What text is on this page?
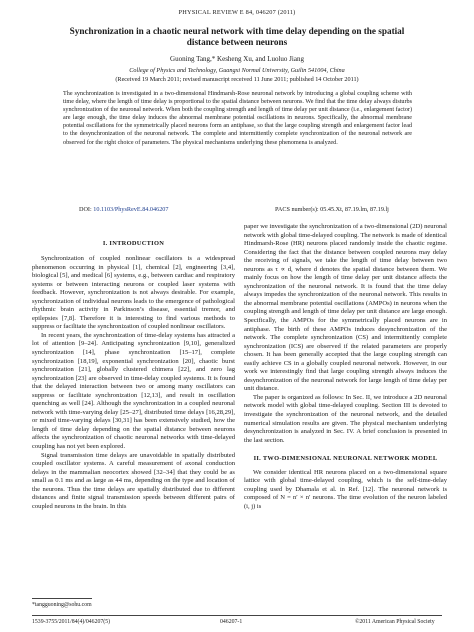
PHYSICAL REVIEW E 84, 046207 (2011)
Synchronization in a chaotic neural network with time delay depending on the spatial distance between neurons
Guoning Tang,* Kesheng Xu, and Luoluo Jiang
College of Physics and Technology, Guangxi Normal University, Guilin 541004, China
(Received 19 March 2011; revised manuscript received 11 June 2011; published 14 October 2011)

The synchronization is investigated in a two-dimensional Hindmarsh-Rose neuronal network by introducing a global coupling scheme with time delay, where the length of time delay is proportional to the spatial distance between neurons. We find that the time delay always disturbs synchronization of the neuronal network. When both the coupling strength and length of time delay per unit distance (i.e., enlargement factor) are large enough, the time delay induces the abnormal membrane potential oscillations in neurons. Specifically, the abnormal membrane potential oscillations for the symmetrically placed neurons form an antiphase, so that the large coupling strength and enlargement factor lead to the desynchronization of the neuronal network. The complete and intermittently complete synchronization of the neuronal network are observed for the right choice of parameters. The physical mechanisms underlying these phenomena is analyzed.

DOI: 10.1103/PhysRevE.84.046207	PACS number(s): 05.45.Xt, 87.19.lm, 87.19.lj
I. INTRODUCTION

Synchronization of coupled nonlinear oscillators is a widespread phenomenon occurring in physical [1], chemical [2], engineering [3,4], biological [5], and medical [6] systems, e.g., between cardiac and respiratory systems or between interacting neurons or coupled laser systems with feedback. However, synchronization is not always desirable. For example, synchronization of individual neurons leads to the emergence of pathological rhythmic brain activity in Parkinson’s disease, essential tremor, and epilepsies [7,8]. Therefore it is interesting to find various methods to suppress or facilitate the synchronization of coupled nonlinear oscillators.

In recent years, the synchronization of time-delay systems has attracted a lot of attention [9–24]. Anticipating synchronization [9,10], generalized synchronization [14], phase synchronization [15–17], complete synchronization [18,19], exponential synchronization [20], chaotic burst synchronization [21], globally clustered chimera [22], and zero lag synchronization [23] are observed in time-delay coupled systems. It is found that the delayed interaction between two or among many oscillators can suppress or facilitate synchronization [12,13], and result in oscillation quenching as well [24]. Although the synchronization in a coupled neuronal network with time-varying delay [25–27], distributed time delays [16,28,29], or mixed time-varying delays [30,31] has been extensively studied, how the length of time delay depending on the spatial distance between neurons affects the synchronization of chaotic neuronal networks with time-delayed coupling has not yet been explored.

Signal transmission time delays are unavoidable in spatially distributed coupled oscillator systems. A careful measurement of axonal conduction delays in the mammalian neocortex showed [32–34] that they could be as small as 0.1 ms and as large as 44 ms, depending on the type and location of the neurons. Thus the time delays are spatially distributed due to different distances and finite signal transmission speeds between different pairs of coupled neurons in the brain. In this

paper we investigate the synchronization of a two-dimensional (2D) neuronal network with global time-delayed coupling. The network is made of identical Hindmarsh-Rose (HR) neurons placed randomly inside the chaotic regime. Considering the fact that the distance between coupled neurons may delay the receiving of signals, we take the length of time delay between two neurons as τ ∝ d, where d denotes the spatial distance between them. We mainly focus on how the length of time delay per unit distance affects the synchronization of the neuronal network. It is found that the time delay always impedes the synchronization of the neuronal network. This results in the abnormal membrane potential oscillations (AMPOs) in neurons when the coupling strength and length of time delay per unit distance are large enough. Specifically, the AMPOs for the symmetrically placed neurons are in antiphase. The birth of these AMPOs induces desynchronization of the network. The complete synchronization (CS) and intermittently complete synchronization (ICS) are observed if the related parameters are properly chosen. It has been generally accepted that the large coupling strength can easily achieve CS in a globally coupled neuronal network. However, in our work we interestingly find that large coupling strength always induces the desynchronization of the neuronal network for large length of time delay per unit distance.

The paper is organized as follows: In Sec. II, we introduce a 2D neuronal network model with global time-delayed coupling. Section III is devoted to investigate the synchronization of the neuronal network, and the detailed numerical simulation results are given. The physical mechanism underlying desynchronization is analyzed in Sec. IV. A brief conclusion is presented in the last section.

II. TWO-DIMENSIONAL NEURONAL NETWORK MODEL

We consider identical HR neurons placed on a two-dimensional square lattice with global time-delayed coupling, which is the self-time-delay coupling used by Dhamala et al. in Ref. [12]. The neuronal network is composed of N = n′ × n′ neurons. The time evolution of the neuron labeled (i, j) is

*tangguoning@sohu.com
1539-3755/2011/84(4)/046207(5)	046207-1	©2011 American Physical Society
